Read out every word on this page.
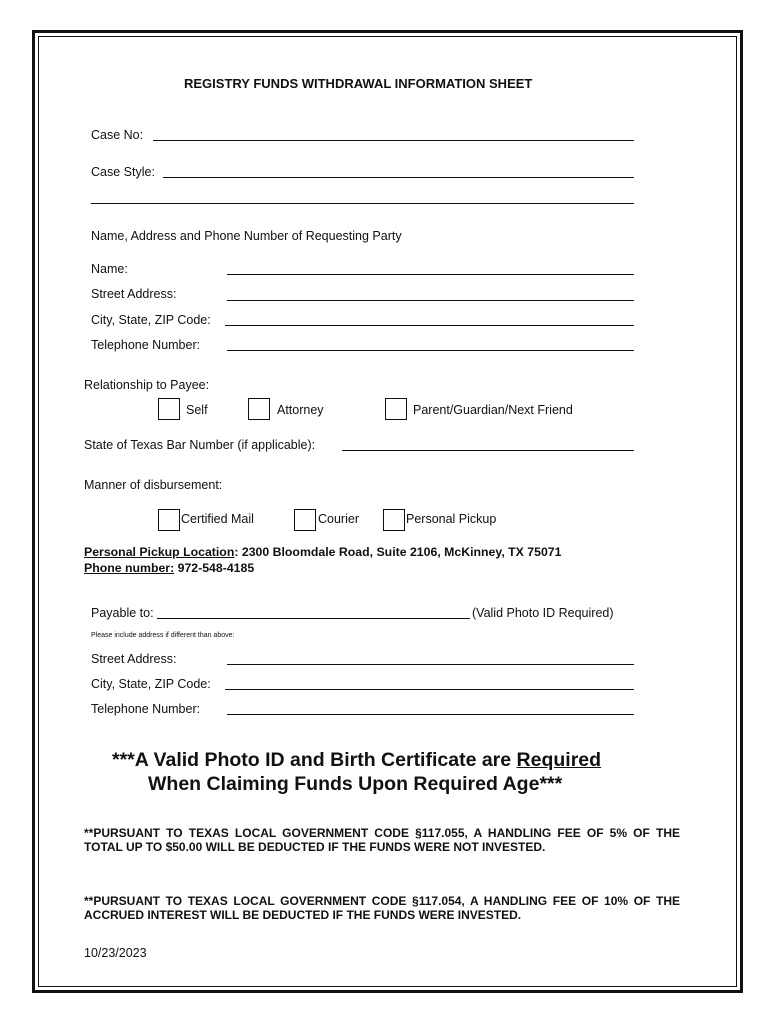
REGISTRY FUNDS WITHDRAWAL INFORMATION SHEET
Case No:
Case Style:
Name, Address and Phone Number of Requesting Party
Name:
Street Address:
City, State, ZIP Code:
Telephone Number:
Relationship to Payee:
Self	Attorney	Parent/Guardian/Next Friend
State of Texas Bar Number (if applicable):
Manner of disbursement:
Certified Mail	Courier	Personal Pickup
Personal Pickup Location: 2300 Bloomdale Road, Suite 2106, McKinney, TX 75071
Phone number: 972-548-4185
Payable to:	(Valid Photo ID Required)
Please include address if different than above:
Street Address:
City, State, ZIP Code:
Telephone Number:
***A Valid Photo ID and Birth Certificate are Required
When Claiming Funds Upon Required Age***
**PURSUANT TO TEXAS LOCAL GOVERNMENT CODE §117.055, A HANDLING FEE OF 5% OF THE TOTAL UP TO $50.00 WILL BE DEDUCTED IF THE FUNDS WERE NOT INVESTED.
**PURSUANT TO TEXAS LOCAL GOVERNMENT CODE §117.054, A HANDLING FEE OF 10% OF THE ACCRUED INTEREST WILL BE DEDUCTED IF THE FUNDS WERE INVESTED.
10/23/2023
